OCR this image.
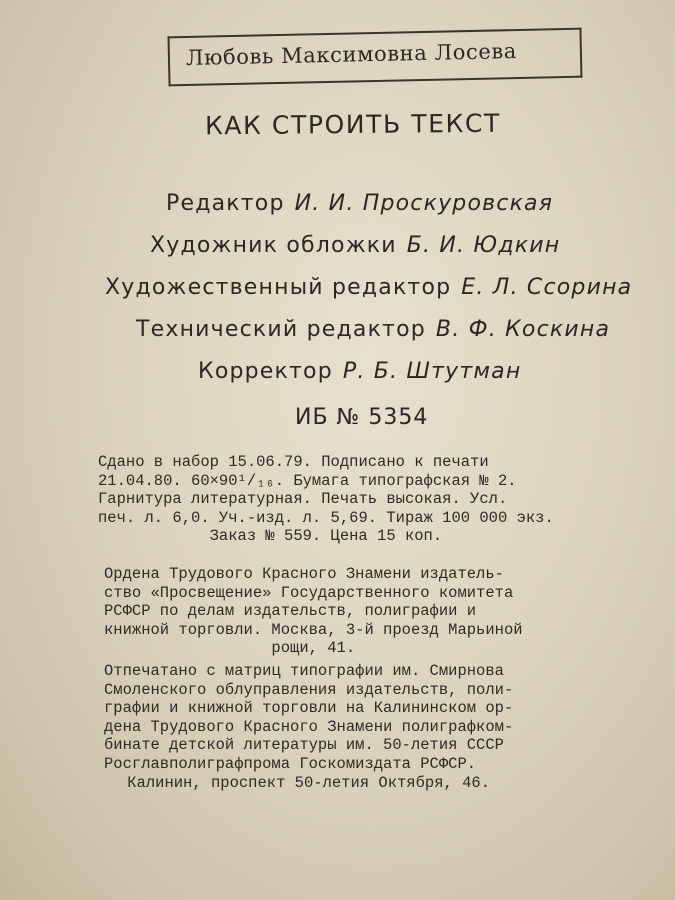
Любовь Максимовна Лосева
КАК СТРОИТЬ ТЕКСТ
Редактор И. И. Проскуровская
Художник обложки Б. И. Юдкин
Художественный редактор Е. Л. Ссорина
Технический редактор В. Ф. Коскина
Корректор Р. Б. Штутман
ИБ № 5354
Сдано в набор 15.06.79. Подписано к печати
21.04.80. 60×90¹/₁₆. Бумага типографская № 2.
Гарнитура литературная. Печать высокая. Усл.
печ. л. 6,0. Уч.-изд. л. 5,69. Тираж 100 000 экз.
Заказ № 559. Цена 15 коп.
Ордена Трудового Красного Знамени издатель-
ство «Просвещение» Государственного комитета
РСФСР по делам издательств, полиграфии и
книжной торговли. Москва, 3-й проезд Марьиной
рощи, 41.
Отпечатано с матриц типографии им. Смирнова
Смоленского облуправления издательств, поли-
графии и книжной торговли на Калининском ор-
дена Трудового Красного Знамени полиграфком-
бинате детской литературы им. 50-летия СССР
Росглавполиграфпрома Госкомиздата РСФСР.
Калинин, проспект 50-летия Октября, 46.
